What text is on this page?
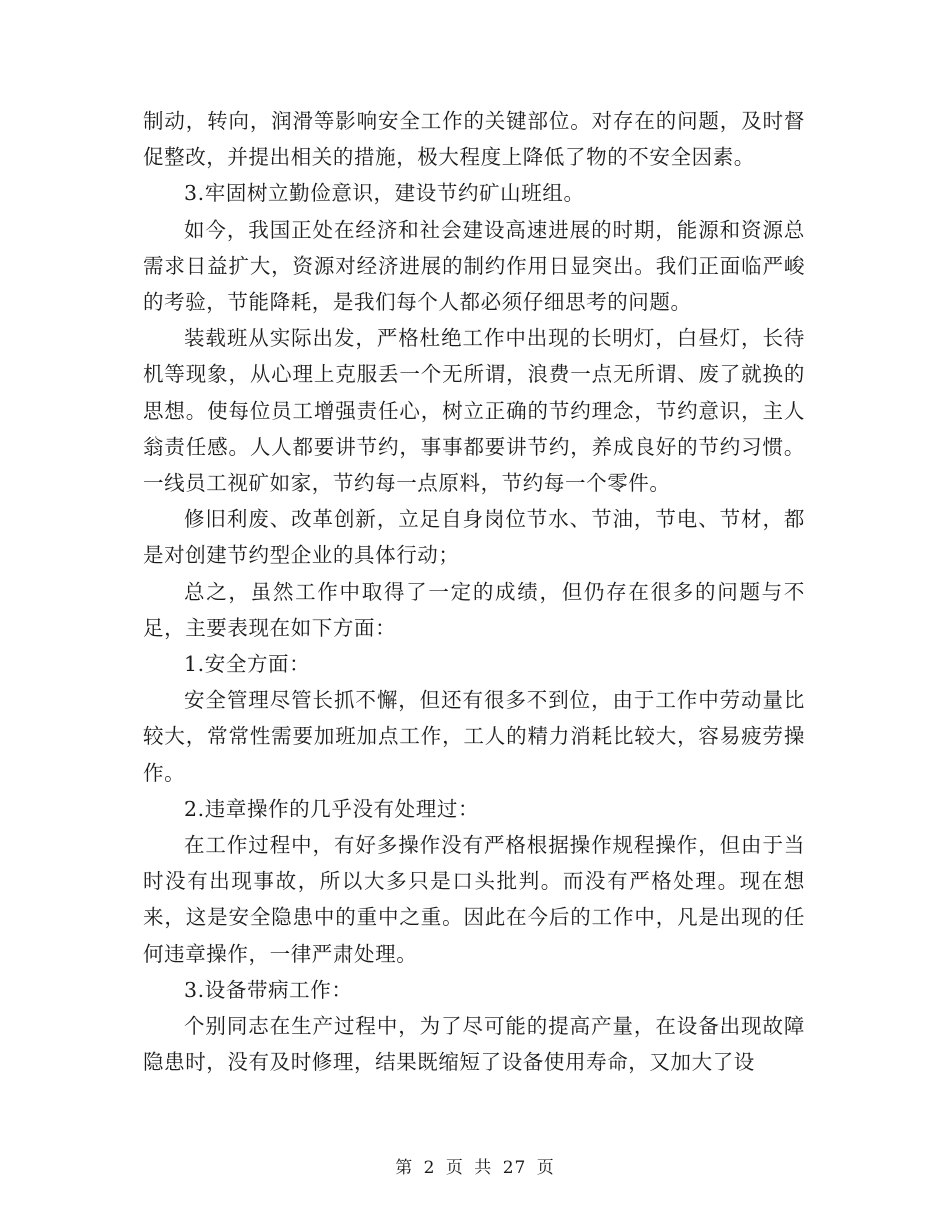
制动，转向，润滑等影响安全工作的关键部位。对存在的问题，及时督促整改，并提出相关的措施，极大程度上降低了物的不安全因素。

3.牢固树立勤俭意识，建设节约矿山班组。

如今，我国正处在经济和社会建设高速进展的时期，能源和资源总需求日益扩大，资源对经济进展的制约作用日显突出。我们正面临严峻的考验，节能降耗，是我们每个人都必须仔细思考的问题。

装载班从实际出发，严格杜绝工作中出现的长明灯，白昼灯，长待机等现象，从心理上克服丢一个无所谓，浪费一点无所谓、废了就换的思想。使每位员工增强责任心，树立正确的节约理念，节约意识，主人翁责任感。人人都要讲节约，事事都要讲节约，养成良好的节约习惯。一线员工视矿如家，节约每一点原料，节约每一个零件。

修旧利废、改革创新，立足自身岗位节水、节油，节电、节材，都是对创建节约型企业的具体行动；

总之，虽然工作中取得了一定的成绩，但仍存在很多的问题与不足，主要表现在如下方面：

1.安全方面：

安全管理尽管长抓不懈，但还有很多不到位，由于工作中劳动量比较大，常常性需要加班加点工作，工人的精力消耗比较大，容易疲劳操作。

2.违章操作的几乎没有处理过：

在工作过程中，有好多操作没有严格根据操作规程操作，但由于当时没有出现事故，所以大多只是口头批判。而没有严格处理。现在想来，这是安全隐患中的重中之重。因此在今后的工作中，凡是出现的任何违章操作，一律严肃处理。

3.设备带病工作：

个别同志在生产过程中，为了尽可能的提高产量，在设备出现故障隐患时，没有及时修理，结果既缩短了设备使用寿命，又加大了设

第 2 页 共 27 页
